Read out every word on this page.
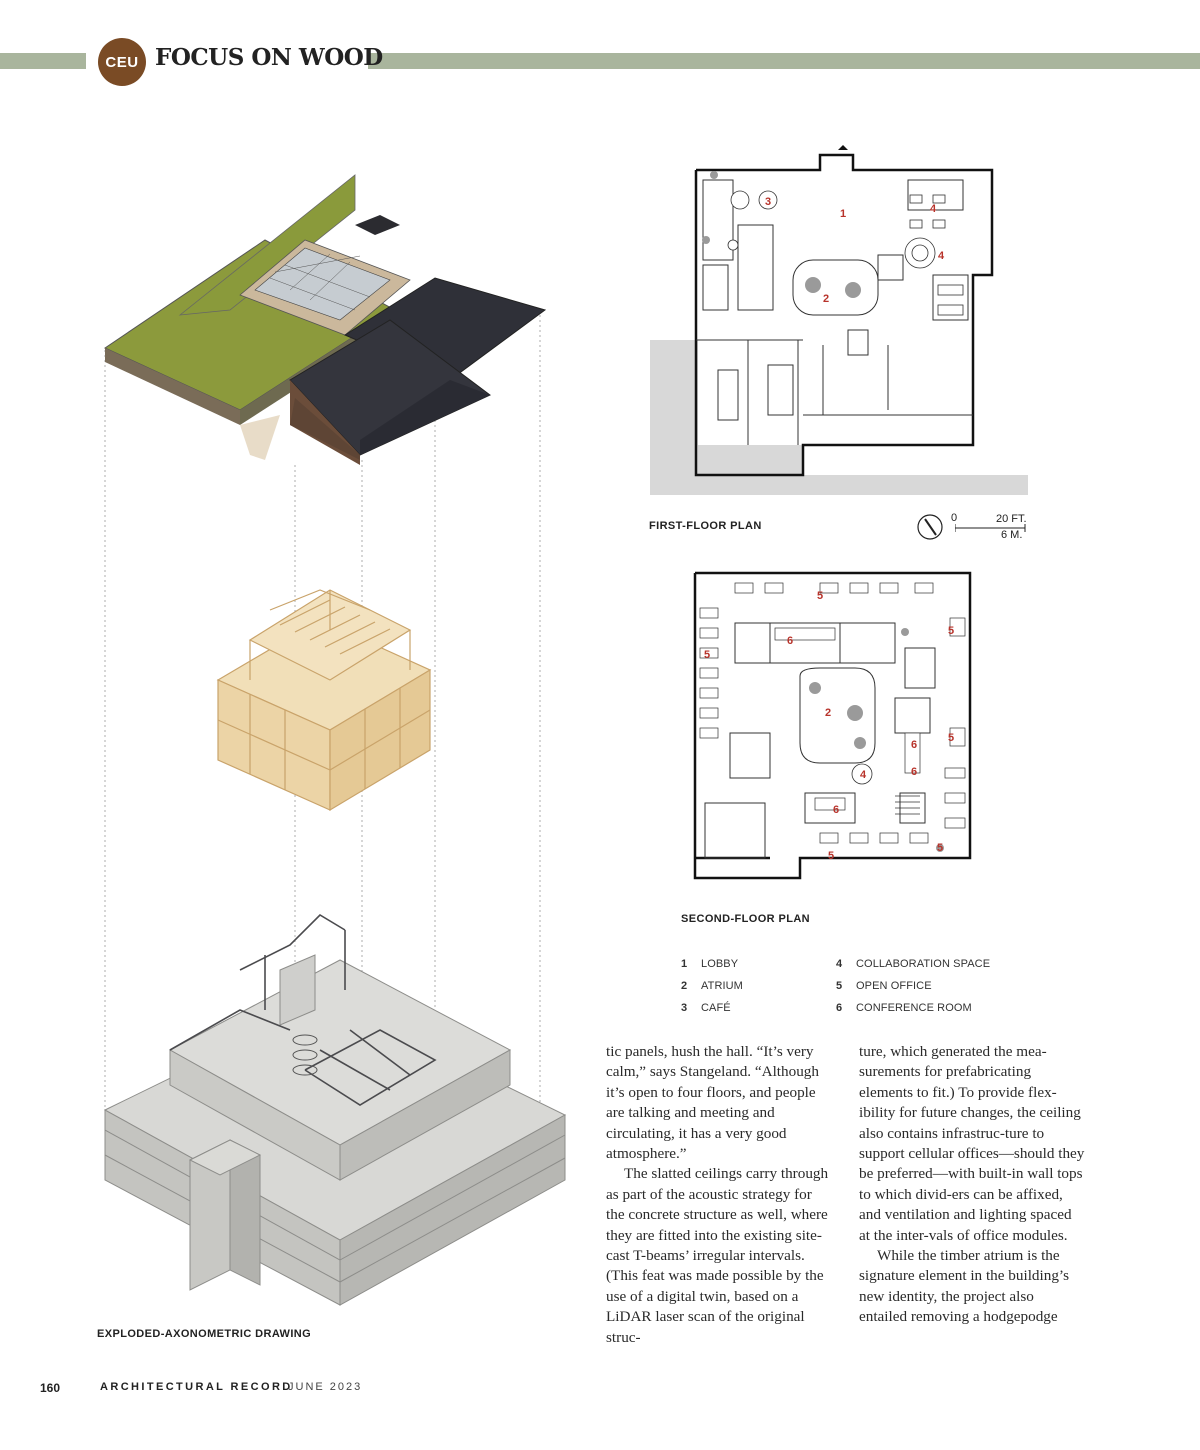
CEU FOCUS ON WOOD
EXPLODED-AXONOMETRIC DRAWING
1
2
3
4
4
FIRST-FLOOR PLAN
0	20 FT.
6 M.
2
4
5
5
5
5
5
5
6
6
6
6
SECOND-FLOOR PLAN
1 LOBBY
2 ATRIUM
3 CAFÉ
4 COLLABORATION SPACE
5 OPEN OFFICE
6 CONFERENCE ROOM

tic panels, hush the hall. “It’s very calm,” says Stangeland. “Although it’s open to four floors, and people are talking and meeting and circulating, it has a very good atmosphere.”

The slatted ceilings carry through as part of the acoustic strategy for the concrete structure as well, where they are fitted into the existing site-cast T-beams’ irregular intervals. (This feat was made possible by the use of a digital twin, based on a LiDAR laser scan of the original struc-

ture, which generated the mea-surements for prefabricating elements to fit.) To provide flex-ibility for future changes, the ceiling also contains infrastruc-ture to support cellular offices—should they be preferred—with built-in wall tops to which divid-ers can be affixed, and ventilation and lighting spaced at the inter-vals of office modules.

While the timber atrium is the signature element in the building’s new identity, the project also entailed removing a hodgepodge

160	ARCHITECTURAL RECORD
JUNE 2023
